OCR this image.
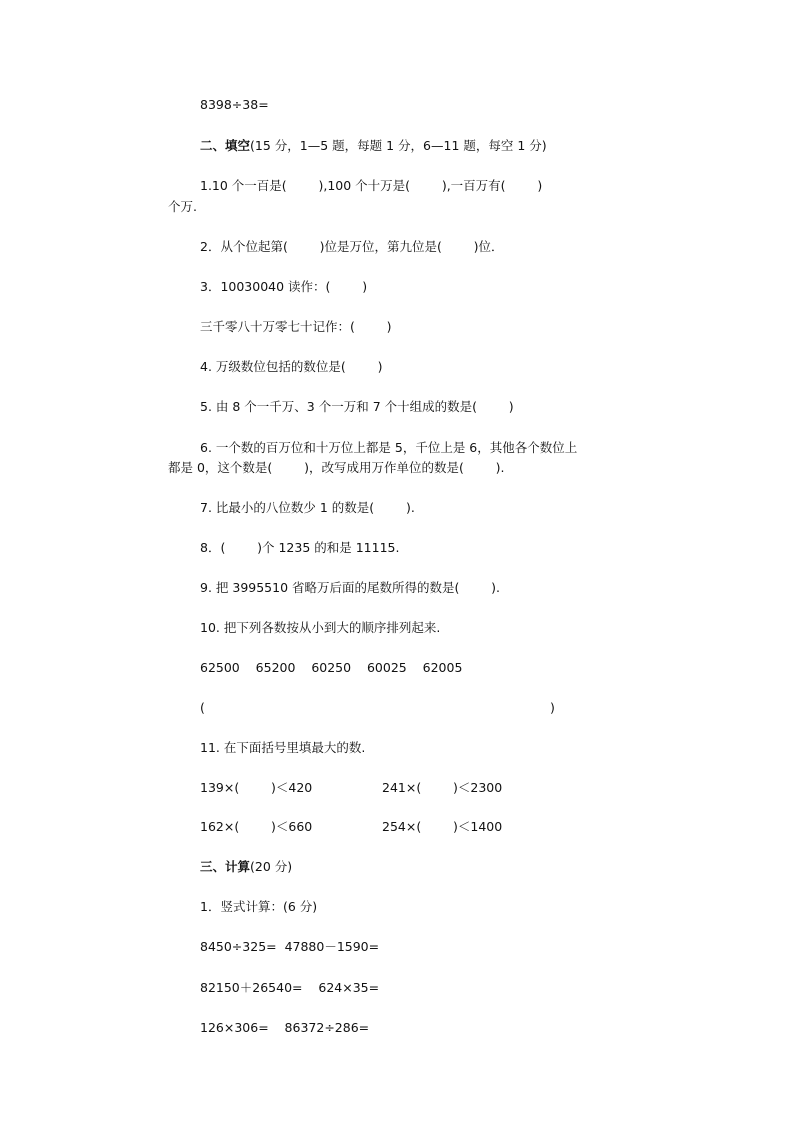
8398÷38=
二、填空(15 分，1—5 题，每题 1 分，6—11 题，每空 1 分)
1.10 个一百是(        ),100 个十万是(        ),一百万有(        )
个万.
2．从个位起第(        )位是万位，第九位是(        )位．
3．10030040 读作：(        )
三千零八十万零七十记作：(        )
4. 万级数位包括的数位是(        )
5. 由 8 个一千万、3 个一万和 7 个十组成的数是(        )
6. 一个数的百万位和十万位上都是 5，千位上是 6，其他各个数位上
都是 0，这个数是(        )，改写成用万作单位的数是(        ).
7. 比最小的八位数少 1 的数是(        ).
8．(        )个 1235 的和是 11115.
9. 把 3995510 省略万后面的尾数所得的数是(        ).
10. 把下列各数按从小到大的顺序排列起来.
62500    65200    60250    60025    62005
(	)
11. 在下面括号里填最大的数.
139×(        )＜420	241×(        )＜2300
162×(        )＜660	254×(        )＜1400
三、计算(20 分)
1．竖式计算：(6 分)
8450÷325=  47880－1590=
82150＋26540=    624×35=
126×306=    86372÷286=
